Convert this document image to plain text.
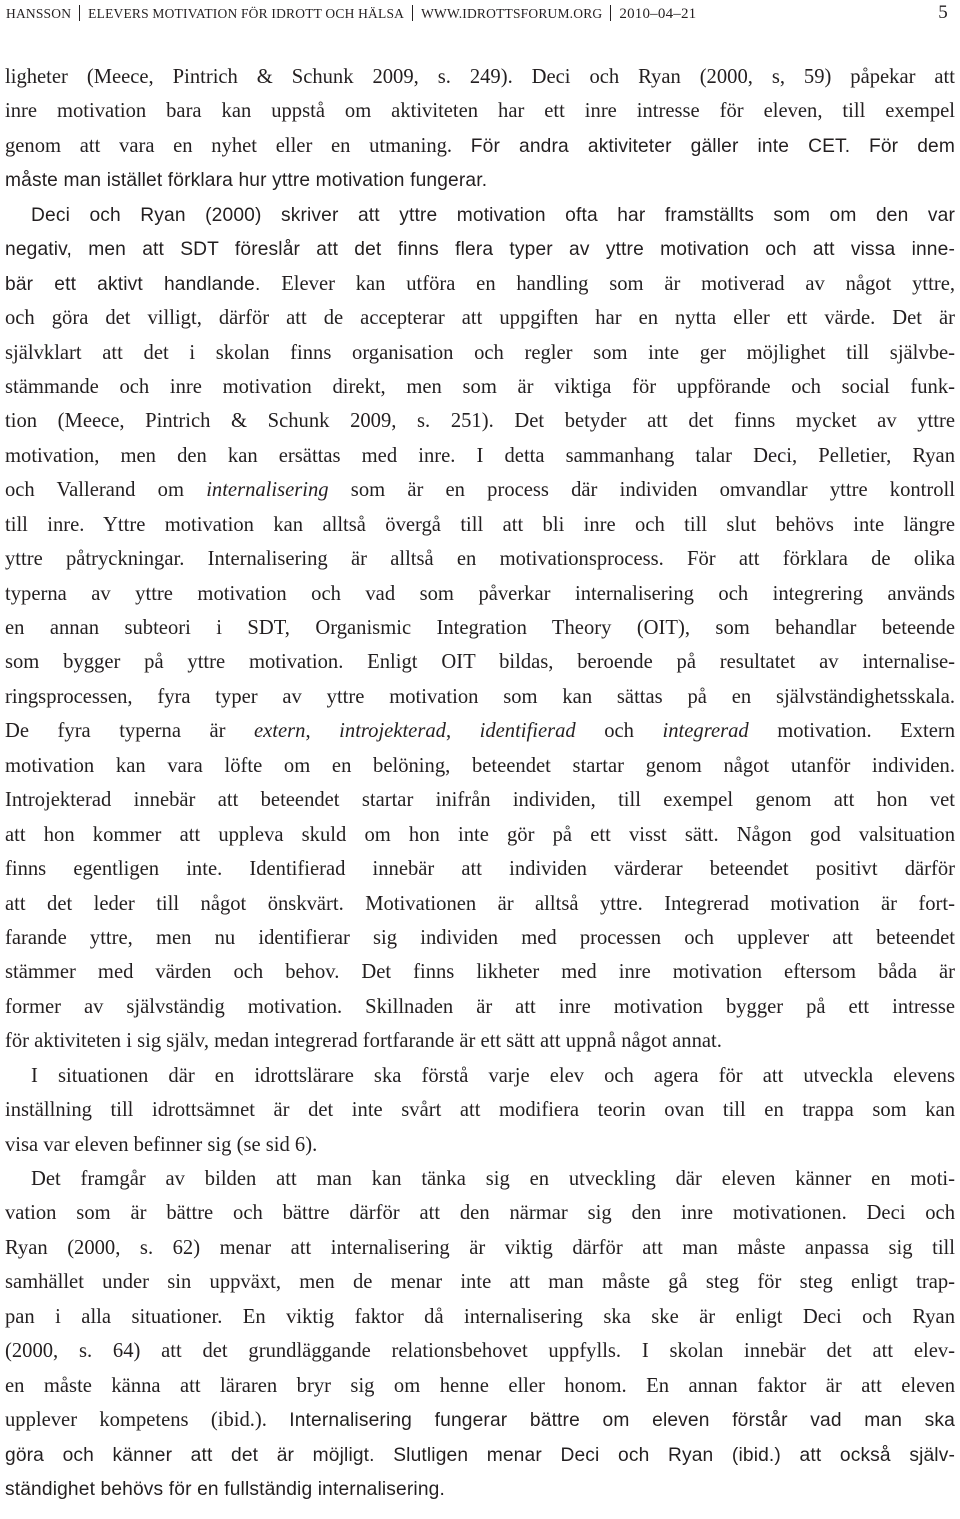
HANSSON ELEVERS MOTIVATION FÖR IDROTT OCH HÄLSA WWW.IDROTTSFORUM.ORG 2010–04–21	5
ligheter (Meece, Pintrich & Schunk 2009, s. 249). Deci och Ryan (2000, s, 59) påpekar att
inre motivation bara kan uppstå om aktiviteten har ett inre intresse för eleven, till exempel
genom att vara en nyhet eller en utmaning. För andra aktiviteter gäller inte CET. För dem
måste man istället förklara hur yttre motivation fungerar.
Deci och Ryan (2000) skriver att yttre motivation ofta har framställts som om den var
negativ, men att SDT föreslår att det finns flera typer av yttre motivation och att vissa inne-
bär ett aktivt handlande. Elever kan utföra en handling som är motiverad av något yttre,
och göra det villigt, därför att de accepterar att uppgiften har en nytta eller ett värde. Det är
självklart att det i skolan finns organisation och regler som inte ger möjlighet till självbe-
stämmande och inre motivation direkt, men som är viktiga för uppförande och social funk-
tion (Meece, Pintrich & Schunk 2009, s. 251). Det betyder att det finns mycket av yttre
motivation, men den kan ersättas med inre. I detta sammanhang talar Deci, Pelletier, Ryan
och Vallerand om internalisering som är en process där individen omvandlar yttre kontroll
till inre. Yttre motivation kan alltså övergå till att bli inre och till slut behövs inte längre
yttre påtryckningar. Internalisering är alltså en motivationsprocess. För att förklara de olika
typerna av yttre motivation och vad som påverkar internalisering och integrering används
en annan subteori i SDT, Organismic Integration Theory (OIT), som behandlar beteende
som bygger på yttre motivation. Enligt OIT bildas, beroende på resultatet av internalise-
ringsprocessen, fyra typer av yttre motivation som kan sättas på en självständighetsskala.
De fyra typerna är extern, introjekterad, identifierad och integrerad motivation. Extern
motivation kan vara löfte om en belöning, beteendet startar genom något utanför individen.
Introjekterad innebär att beteendet startar inifrån individen, till exempel genom att hon vet
att hon kommer att uppleva skuld om hon inte gör på ett visst sätt. Någon god valsituation
finns egentligen inte. Identifierad innebär att individen värderar beteendet positivt därför
att det leder till något önskvärt. Motivationen är alltså yttre. Integrerad motivation är fort-
farande yttre, men nu identifierar sig individen med processen och upplever att beteendet
stämmer med värden och behov. Det finns likheter med inre motivation eftersom båda är
former av självständig motivation. Skillnaden är att inre motivation bygger på ett intresse
för aktiviteten i sig själv, medan integrerad fortfarande är ett sätt att uppnå något annat.
I situationen där en idrottslärare ska förstå varje elev och agera för att utveckla elevens
inställning till idrottsämnet är det inte svårt att modifiera teorin ovan till en trappa som kan
visa var eleven befinner sig (se sid 6).
Det framgår av bilden att man kan tänka sig en utveckling där eleven känner en moti-
vation som är bättre och bättre därför att den närmar sig den inre motivationen. Deci och
Ryan (2000, s. 62) menar att internalisering är viktig därför att man måste anpassa sig till
samhället under sin uppväxt, men de menar inte att man måste gå steg för steg enligt trap-
pan i alla situationer. En viktig faktor då internalisering ska ske är enligt Deci och Ryan
(2000, s. 64) att det grundläggande relationsbehovet uppfylls. I skolan innebär det att elev-
en måste känna att läraren bryr sig om henne eller honom. En annan faktor är att eleven
upplever kompetens (ibid.). Internalisering fungerar bättre om eleven förstår vad man ska
göra och känner att det är möjligt. Slutligen menar Deci och Ryan (ibid.) att också själv-
ständighet behövs för en fullständig internalisering.
